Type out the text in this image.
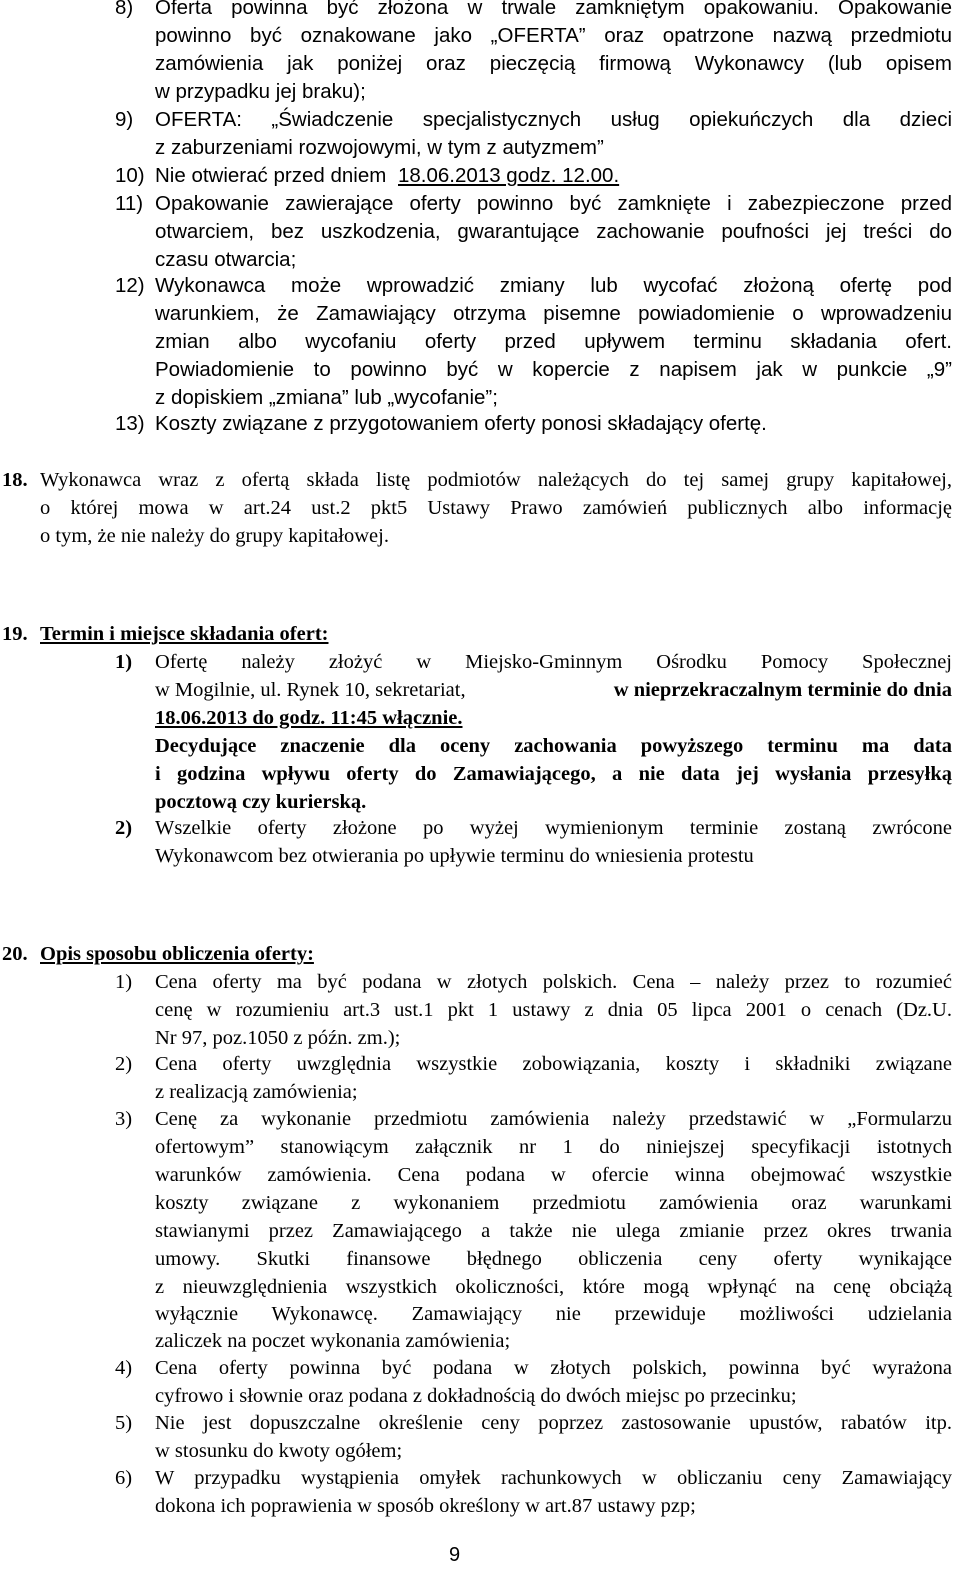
8) Oferta powinna być złożona w trwale zamkniętym opakowaniu. Opakowanie
powinno być oznakowane jako „OFERTA” oraz opatrzone nazwą przedmiotu
zamówienia jak poniżej oraz pieczęcią firmową Wykonawcy (lub opisem
w przypadku jej braku);
9) OFERTA: „Świadczenie specjalistycznych usług opiekuńczych dla dzieci
z zaburzeniami rozwojowymi, w tym z autyzmem”
10) Nie otwierać przed dniem 18.06.2013 godz. 12.00.
11) Opakowanie zawierające oferty powinno być zamknięte i zabezpieczone przed
otwarciem, bez uszkodzenia, gwarantujące zachowanie poufności jej treści do
czasu otwarcia;
12) Wykonawca może wprowadzić zmiany lub wycofać złożoną ofertę pod
warunkiem, że Zamawiający otrzyma pisemne powiadomienie o wprowadzeniu
zmian albo wycofaniu oferty przed upływem terminu składania ofert.
Powiadomienie to powinno być w kopercie z napisem jak w punkcie „9”
z dopiskiem „zmiana” lub „wycofanie”;
13) Koszty związane z przygotowaniem oferty ponosi składający ofertę.
18. Wykonawca wraz z ofertą składa listę podmiotów należących do tej samej grupy kapitałowej,
o której mowa w art.24 ust.2 pkt5 Ustawy Prawo zamówień publicznych albo informację
o tym, że nie należy do grupy kapitałowej.
19. Termin i miejsce składania ofert:
1) Ofertę należy złożyć w Miejsko-Gminnym Ośrodku Pomocy Społecznej
w Mogilnie, ul. Rynek 10, sekretariat,	w nieprzekraczalnym terminie do dnia
18.06.2013 do godz. 11:45 włącznie.
Decydujące znaczenie dla oceny zachowania powyższego terminu ma data
i godzina wpływu oferty do Zamawiającego, a nie data jej wysłania przesyłką
pocztową czy kurierską.
2) Wszelkie oferty złożone po wyżej wymienionym terminie zostaną zwrócone
Wykonawcom bez otwierania po upływie terminu do wniesienia protestu
20. Opis sposobu obliczenia oferty:
1) Cena oferty ma być podana w złotych polskich. Cena – należy przez to rozumieć
cenę w rozumieniu art.3 ust.1 pkt 1 ustawy z dnia 05 lipca 2001 o cenach (Dz.U.
Nr 97, poz.1050 z późn. zm.);
2) Cena oferty uwzględnia wszystkie zobowiązania, koszty i składniki związane
z realizacją zamówienia;
3) Cenę za wykonanie przedmiotu zamówienia należy przedstawić w „Formularzu
ofertowym” stanowiącym załącznik nr 1 do niniejszej specyfikacji istotnych
warunków zamówienia. Cena podana w ofercie winna obejmować wszystkie
koszty związane z wykonaniem przedmiotu zamówienia oraz warunkami
stawianymi przez Zamawiającego a także nie ulega zmianie przez okres trwania
umowy. Skutki finansowe błędnego obliczenia ceny oferty wynikające
z nieuwzględnienia wszystkich okoliczności, które mogą wpłynąć na cenę obciążą
wyłącznie Wykonawcę. Zamawiający nie przewiduje możliwości udzielania
zaliczek na poczet wykonania zamówienia;
4) Cena oferty powinna być podana w złotych polskich, powinna być wyrażona
cyfrowo i słownie oraz podana z dokładnością do dwóch miejsc po przecinku;
5) Nie jest dopuszczalne określenie ceny poprzez zastosowanie upustów, rabatów itp.
w stosunku do kwoty ogółem;
6) W przypadku wystąpienia omyłek rachunkowych w obliczaniu ceny Zamawiający
dokona ich poprawienia w sposób określony w art.87 ustawy pzp;
9
